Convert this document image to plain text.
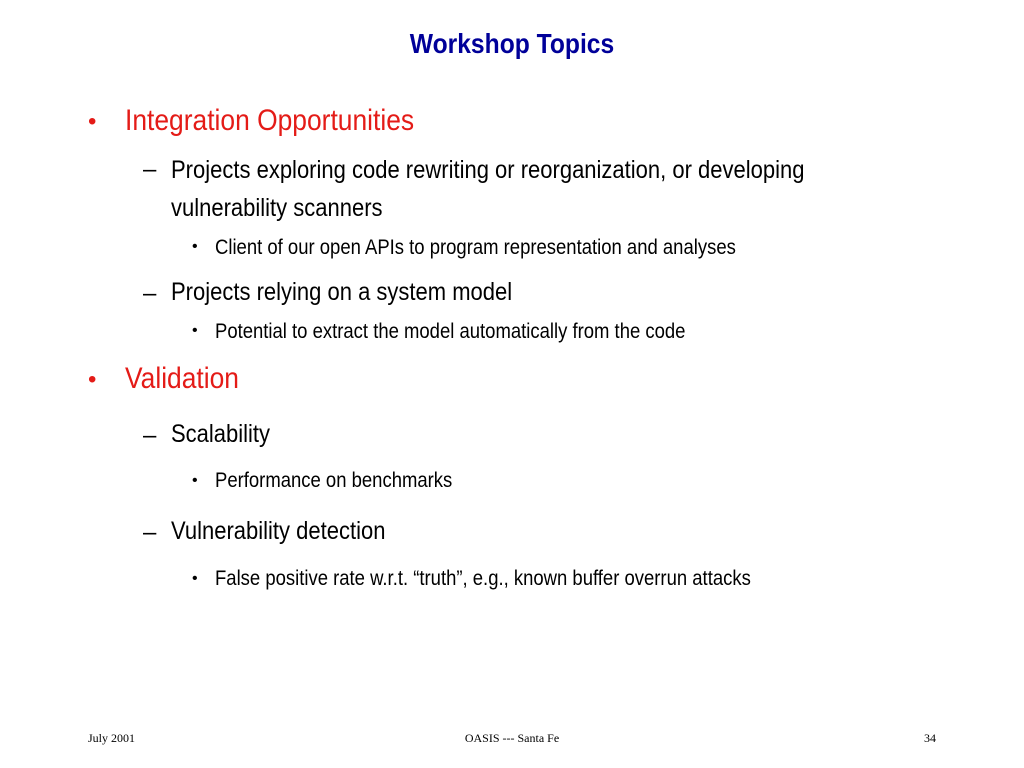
Workshop Topics
• Integration Opportunities
– Projects exploring code rewriting or reorganization, or developing vulnerability scanners
• Client of our open APIs to program representation and analyses
– Projects relying on a system model
• Potential to extract the model automatically from the code
• Validation
– Scalability
• Performance on benchmarks
– Vulnerability detection
• False positive rate w.r.t. “truth”, e.g., known buffer overrun attacks
July 2001	OASIS --- Santa Fe	34
